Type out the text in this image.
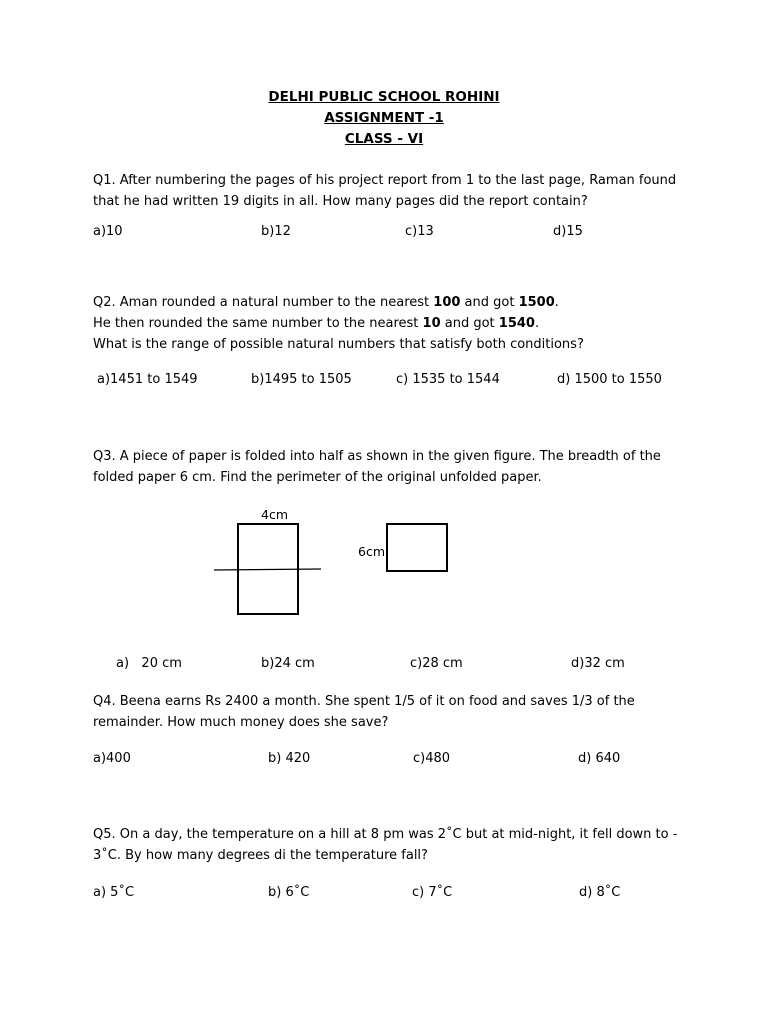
DELHI PUBLIC SCHOOL ROHINI
ASSIGNMENT -1
CLASS - VI
Q1. After numbering the pages of his project report from 1 to the last page, Raman found
that he had written 19 digits in all. How many pages did the report contain?
a)10	b)12	c)13	d)15
Q2. Aman rounded a natural number to the nearest 100 and got 1500.
He then rounded the same number to the nearest 10 and got 1540.
What is the range of possible natural numbers that satisfy both conditions?
a)1451 to 1549	b)1495 to 1505	c) 1535 to 1544	d) 1500 to 1550
Q3. A piece of paper is folded into half as shown in the given figure. The breadth of the
folded paper 6 cm. Find the perimeter of the original unfolded paper.
4cm
6cm
a)   20 cm	b)24 cm	c)28 cm	d)32 cm
Q4. Beena earns Rs 2400 a month. She spent 1/5 of it on food and saves 1/3 of the
remainder. How much money does she save?
a)400	b) 420	c)480	d) 640
Q5. On a day, the temperature on a hill at 8 pm was 2˚C but at mid-night, it fell down to -
3˚C. By how many degrees di the temperature fall?
a) 5˚C	b) 6˚C	c) 7˚C	d) 8˚C
